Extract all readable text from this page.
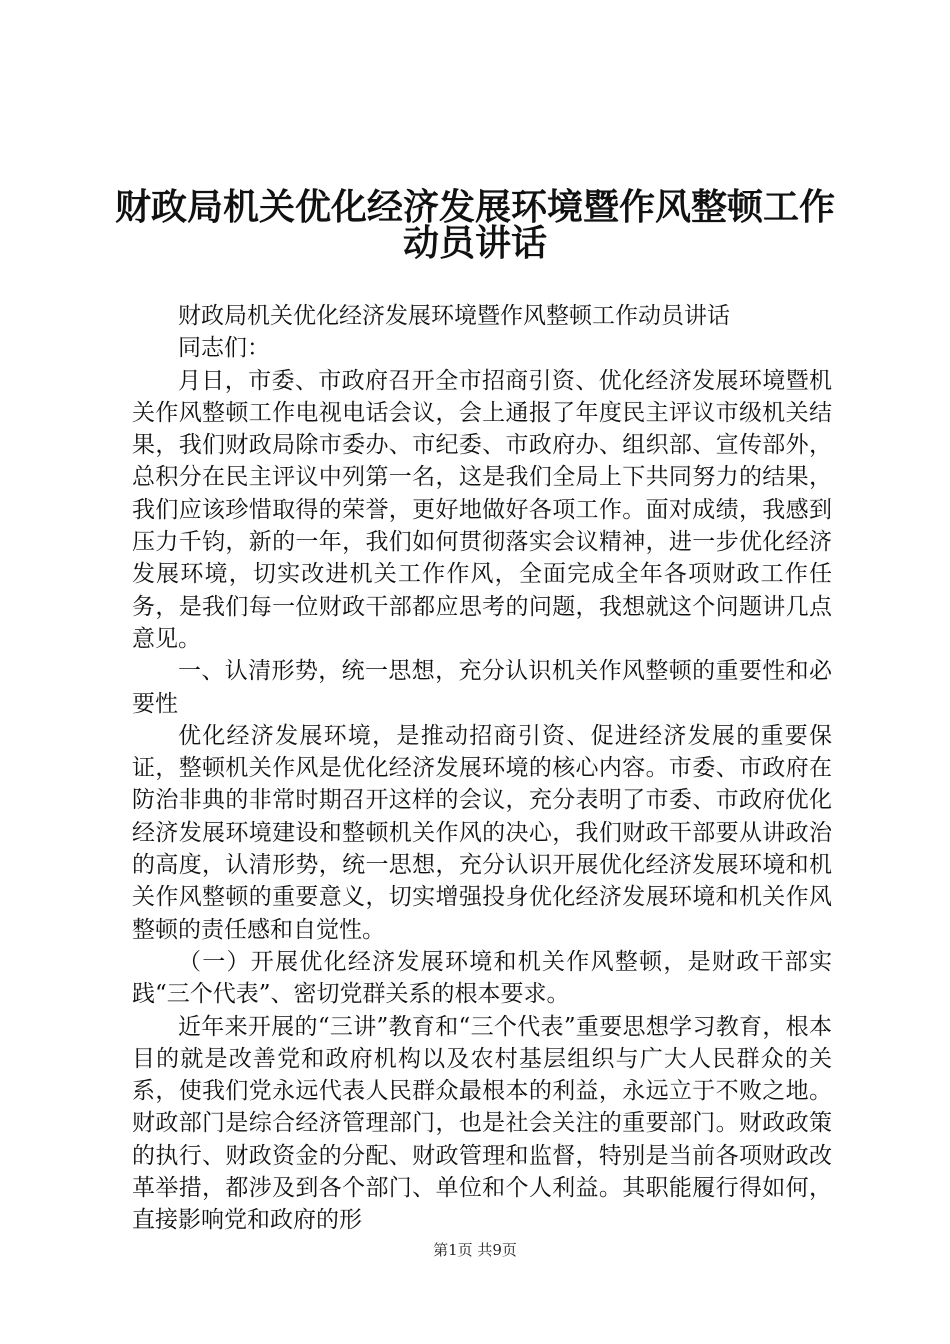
财政局机关优化经济发展环境暨作风整顿工作
动员讲话

财政局机关优化经济发展环境暨作风整顿工作动员讲话

同志们：

月日，市委、市政府召开全市招商引资、优化经济发展环境暨机关作风整顿工作电视电话会议，会上通报了年度民主评议市级机关结果，我们财政局除市委办、市纪委、市政府办、组织部、宣传部外，总积分在民主评议中列第一名，这是我们全局上下共同努力的结果，我们应该珍惜取得的荣誉，更好地做好各项工作。面对成绩，我感到压力千钧，新的一年，我们如何贯彻落实会议精神，进一步优化经济发展环境，切实改进机关工作作风，全面完成全年各项财政工作任务，是我们每一位财政干部都应思考的问题，我想就这个问题讲几点意见。

一、认清形势，统一思想，充分认识机关作风整顿的重要性和必要性

优化经济发展环境，是推动招商引资、促进经济发展的重要保证，整顿机关作风是优化经济发展环境的核心内容。市委、市政府在防治非典的非常时期召开这样的会议，充分表明了市委、市政府优化经济发展环境建设和整顿机关作风的决心，我们财政干部要从讲政治的高度，认清形势，统一思想，充分认识开展优化经济发展环境和机关作风整顿的重要意义，切实增强投身优化经济发展环境和机关作风整顿的责任感和自觉性。

（一）开展优化经济发展环境和机关作风整顿，是财政干部实践“三个代表”、密切党群关系的根本要求。

近年来开展的“三讲”教育和“三个代表”重要思想学习教育，根本目的就是改善党和政府机构以及农村基层组织与广大人民群众的关系，使我们党永远代表人民群众最根本的利益，永远立于不败之地。财政部门是综合经济管理部门，也是社会关注的重要部门。财政政策的执行、财政资金的分配、财政管理和监督，特别是当前各项财政改革举措，都涉及到各个部门、单位和个人利益。其职能履行得如何，直接影响党和政府的形

第1页 共9页
